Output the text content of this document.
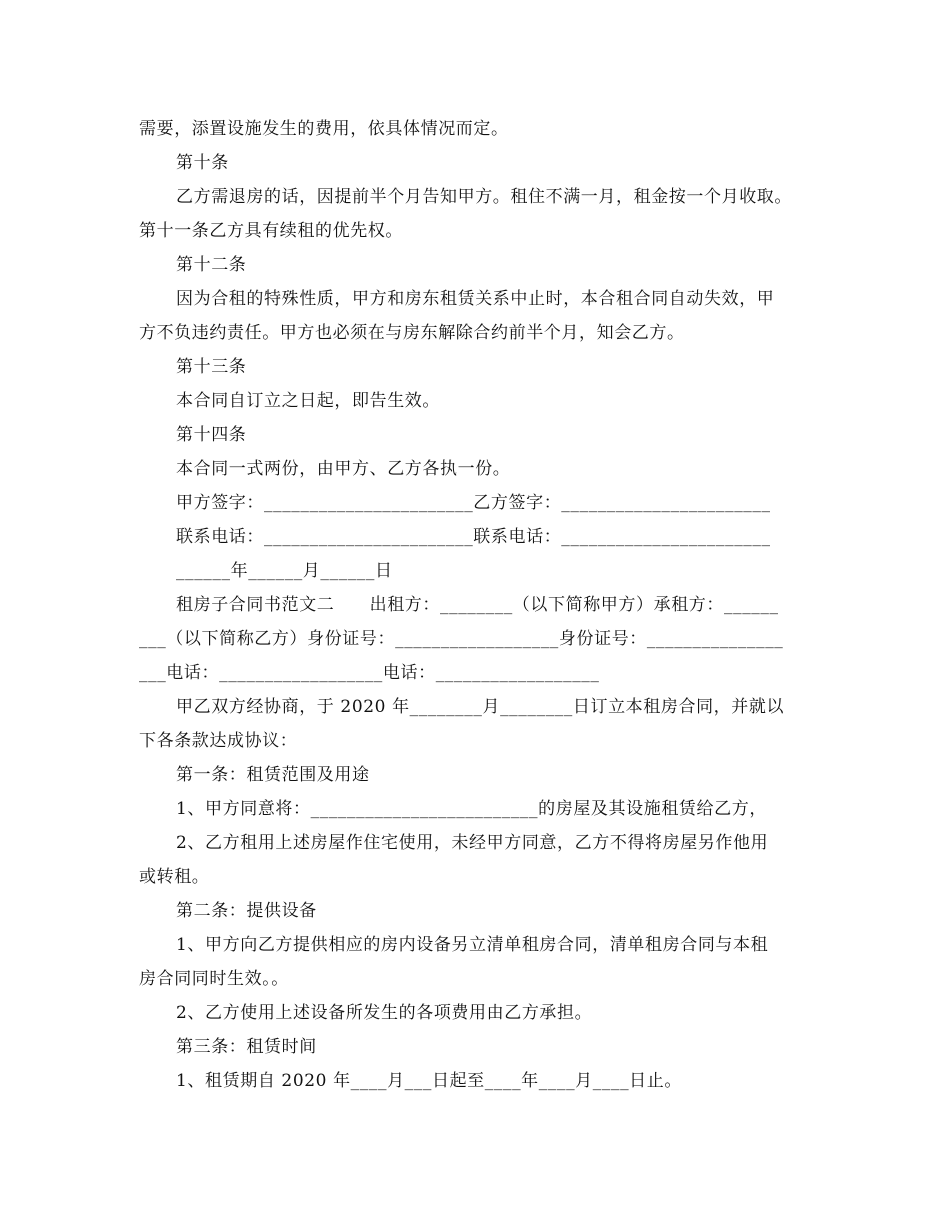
需要，添置设施发生的费用，依具体情况而定。
第十条
乙方需退房的话，因提前半个月告知甲方。租住不满一月，租金按一个月收取。
第十一条乙方具有续租的优先权。
第十二条
因为合租的特殊性质，甲方和房东租赁关系中止时，本合租合同自动失效，甲
方不负违约责任。甲方也必须在与房东解除合约前半个月，知会乙方。
第十三条
本合同自订立之日起，即告生效。
第十四条
本合同一式两份，由甲方、乙方各执一份。
甲方签字：_______________________乙方签字：_______________________
联系电话：_______________________联系电话：_______________________
______年______月______日
租房子合同书范文二　　出租方：________（以下简称甲方）承租方：______
___（以下简称乙方）身份证号：__________________身份证号：_______________
___电话：__________________电话：__________________
甲乙双方经协商，于 2020 年________月________日订立本租房合同，并就以
下各条款达成协议：
第一条：租赁范围及用途
1、甲方同意将：_________________________的房屋及其设施租赁给乙方，
2、乙方租用上述房屋作住宅使用，未经甲方同意，乙方不得将房屋另作他用
或转租。
第二条：提供设备
1、甲方向乙方提供相应的房内设备另立清单租房合同，清单租房合同与本租
房合同同时生效。。
2、乙方使用上述设备所发生的各项费用由乙方承担。
第三条：租赁时间
1、租赁期自 2020 年____月___日起至____年____月____日止。
